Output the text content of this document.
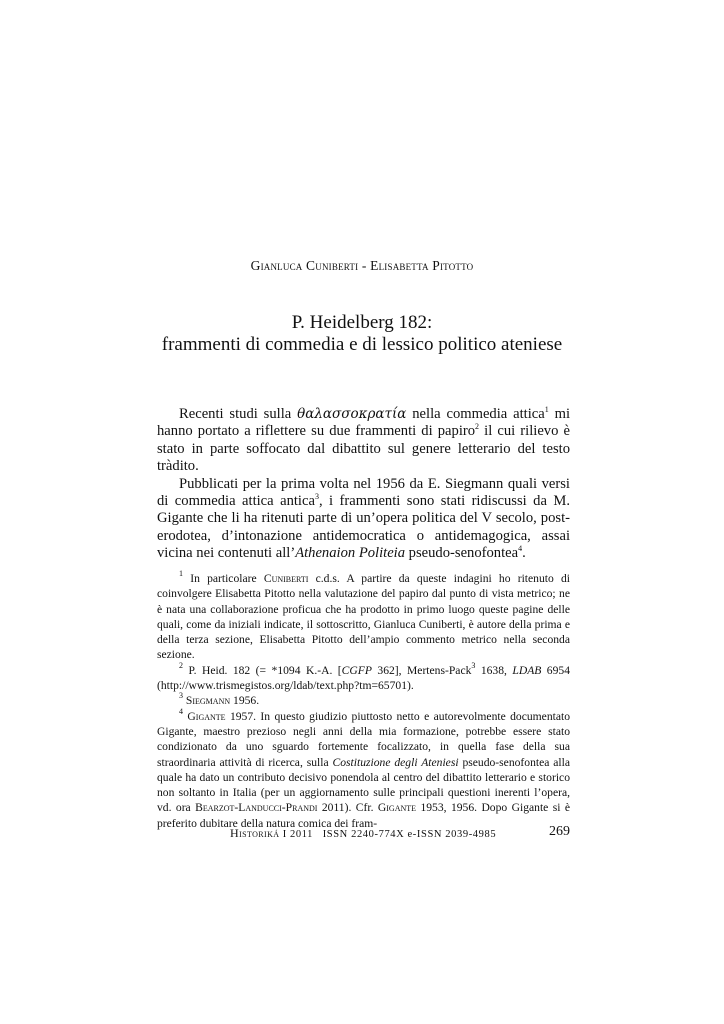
Gianluca Cuniberti - Elisabetta Pitotto
P. Heidelberg 182:
frammenti di commedia e di lessico politico ateniese

Recenti studi sulla θαλασσοκρατία nella commedia attica$^1$ mi hanno portato a riflettere su due frammenti di papiro$^2$ il cui rilievo è stato in parte soffocato dal dibattito sul genere letterario del testo tràdito.

Pubblicati per la prima volta nel 1956 da E. Siegmann quali versi di commedia attica antica$^3$, i frammenti sono stati ridiscussi da M. Gigante che li ha ritenuti parte di un’opera politica del V secolo, post-erodotea, d’intonazione antidemocratica o antidemagogica, assai vicina nei contenuti all’Athenaion Politeia pseudo-senofontea$^4$.

$^1$ In particolare Cuniberti c.d.s. A partire da queste indagini ho ritenuto di coinvolgere Elisabetta Pitotto nella valutazione del papiro dal punto di vista metrico; ne è nata una collaborazione proficua che ha prodotto in primo luogo queste pagine delle quali, come da iniziali indicate, il sottoscritto, Gianluca Cuniberti, è autore della prima e della terza sezione, Elisabetta Pitotto dell’ampio commento metrico nella seconda sezione.

$^2$ P. Heid. 182 (= *1094 K.-A. [CGFP 362], Mertens-Pack$^3$ 1638, LDAB 6954 (http://www.trismegistos.org/ldab/text.php?tm=65701).

$^3$ Siegmann 1956.

$^4$ Gigante 1957. In questo giudizio piuttosto netto e autorevolmente documentato Gigante, maestro prezioso negli anni della mia formazione, potrebbe essere stato condizionato da uno sguardo fortemente focalizzato, in quella fase della sua straordinaria attività di ricerca, sulla Costituzione degli Ateniesi pseudo-senofontea alla quale ha dato un contributo decisivo ponendola al centro del dibattito letterario e storico non soltanto in Italia (per un aggiornamento sulle principali questioni inerenti l’opera, vd. ora Bearzot-Landucci-Prandi 2011). Cfr. Gigante 1953, 1956. Dopo Gigante si è preferito dubitare della natura comica dei fram-

Historiká I 2011   ISSN 2240-774X e-ISSN 2039-4985	269
